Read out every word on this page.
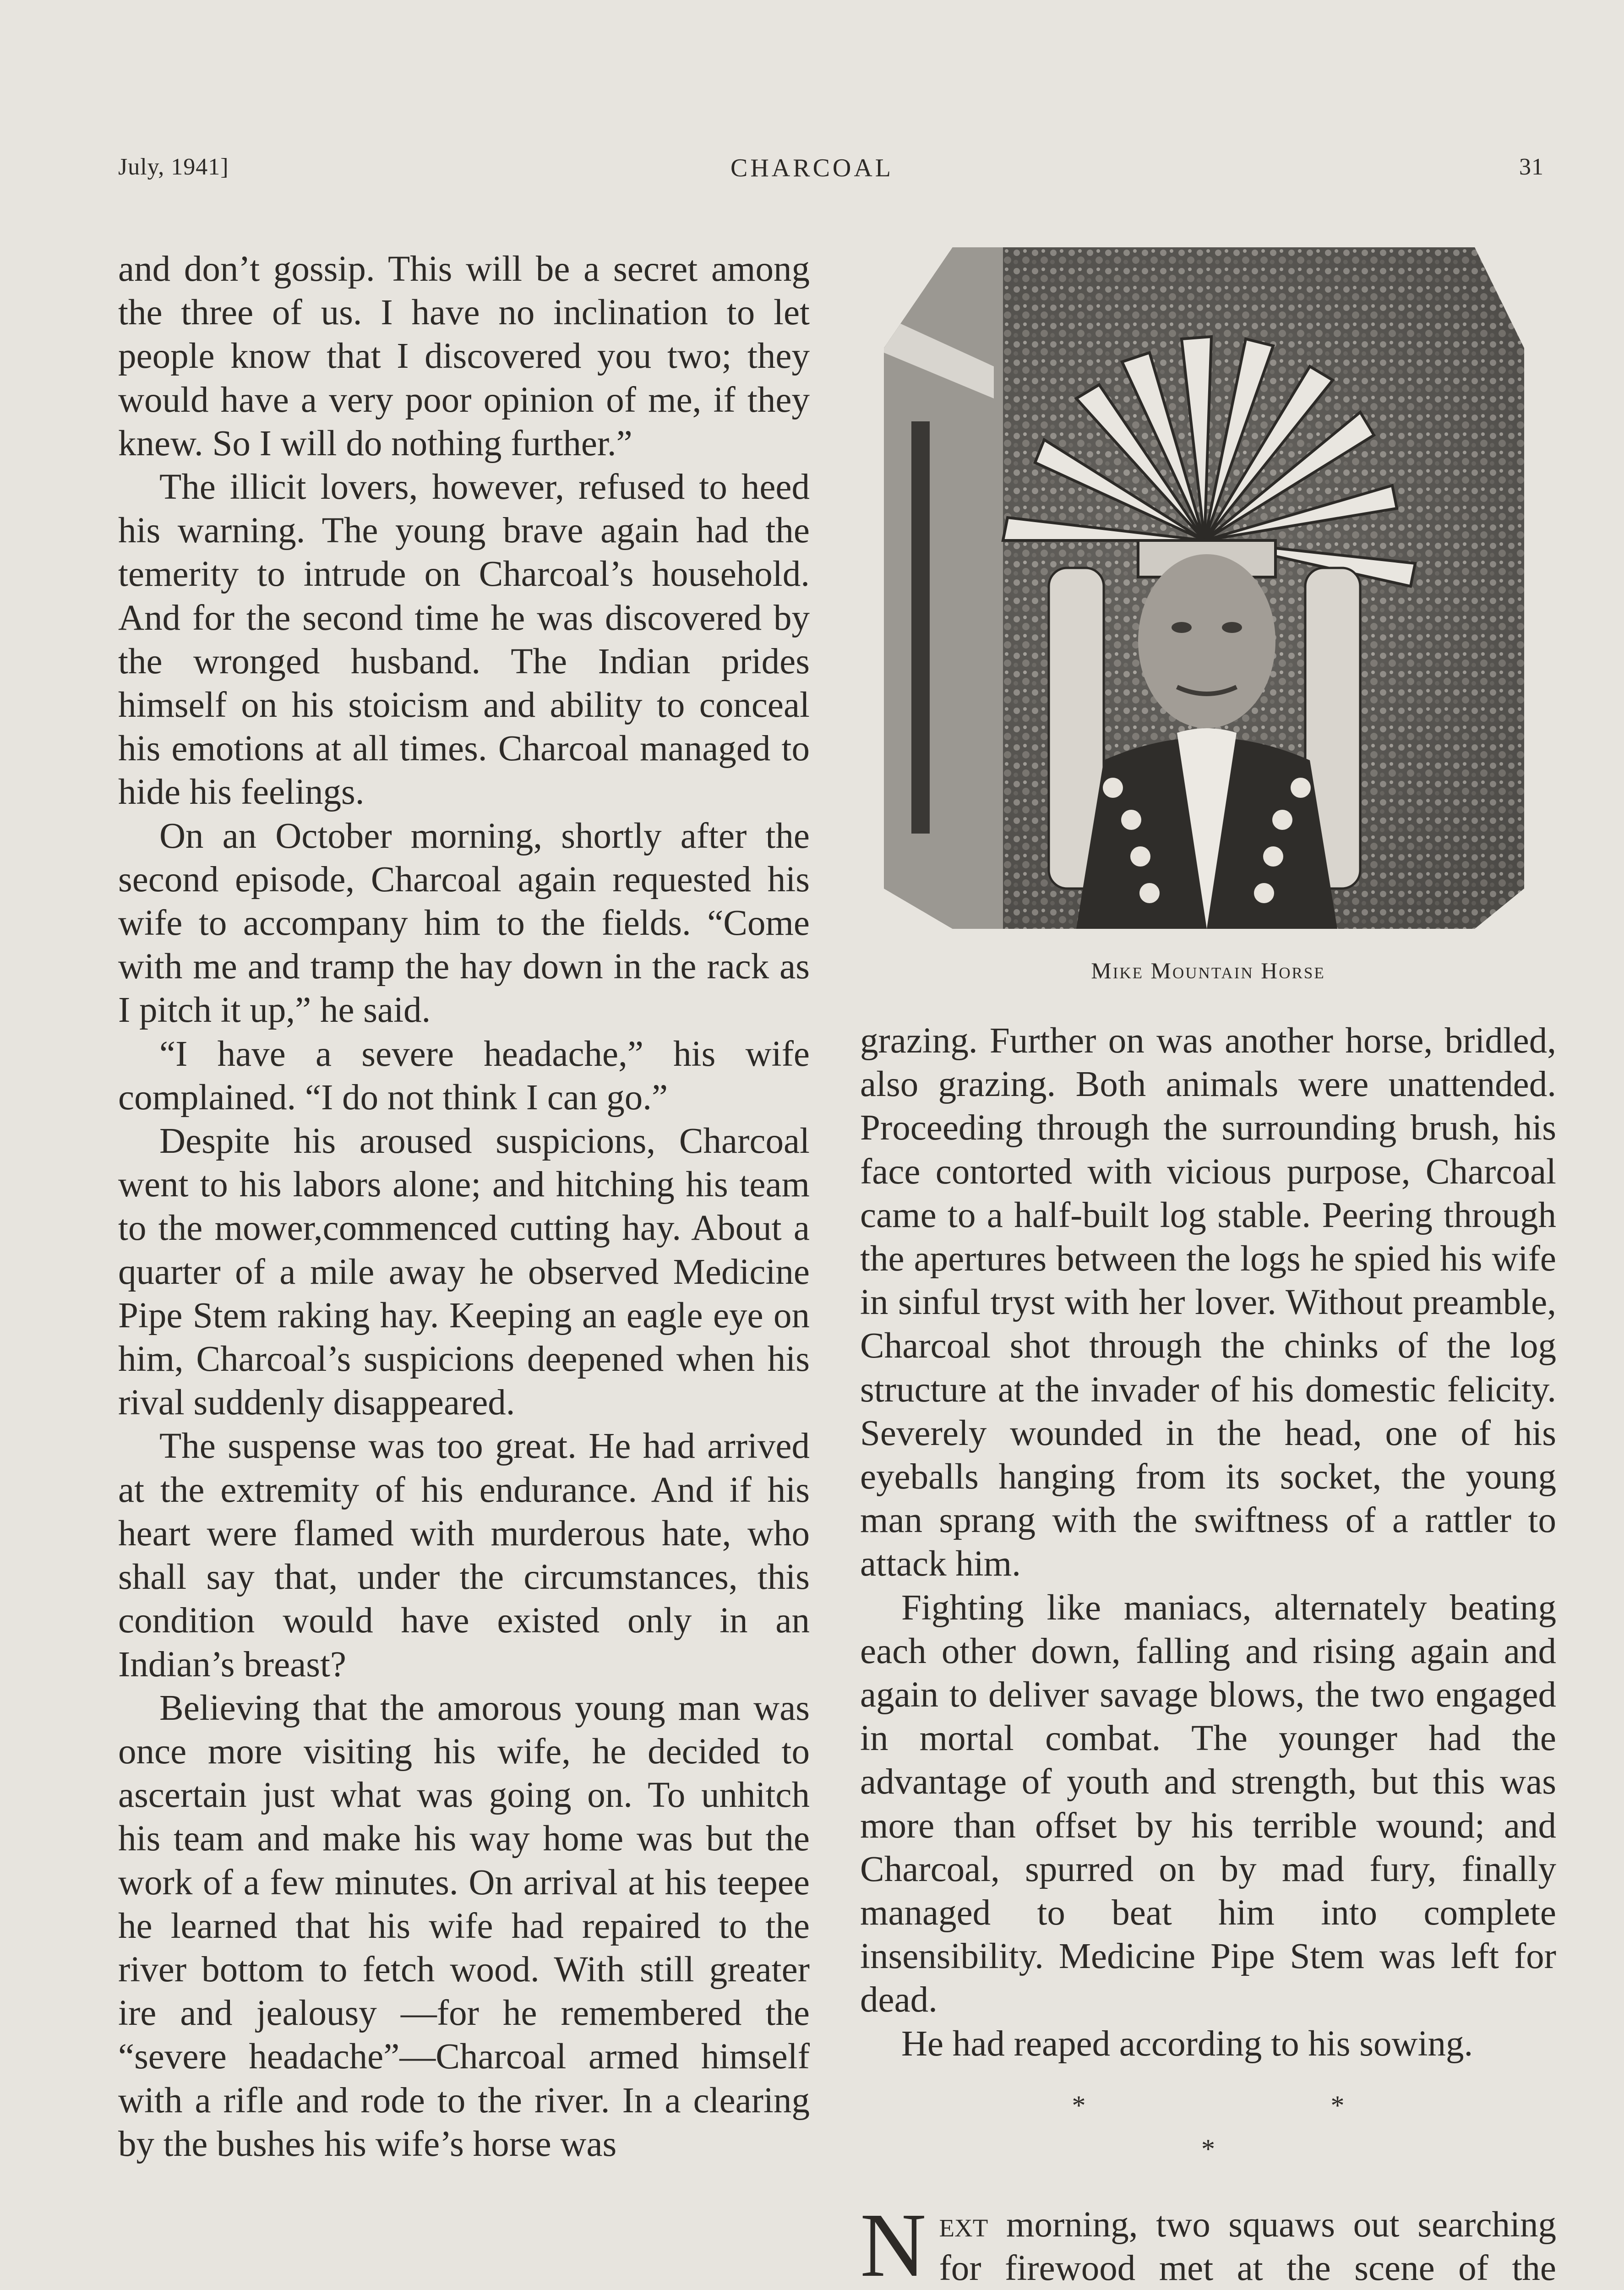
July, 1941]	CHARCOAL	31

and don’t gossip. This will be a secret among the three of us. I have no inclination to let people know that I discovered you two; they would have a very poor opinion of me, if they knew. So I will do nothing further.”

The illicit lovers, however, refused to heed his warning. The young brave again had the temerity to intrude on Charcoal’s household. And for the second time he was discovered by the wronged husband. The Indian prides himself on his stoicism and ability to conceal his emotions at all times. Charcoal managed to hide his feelings.

On an October morning, shortly after the second episode, Charcoal again requested his wife to accompany him to the fields. “Come with me and tramp the hay down in the rack as I pitch it up,” he said.

“I have a severe headache,” his wife complained. “I do not think I can go.”

Despite his aroused suspicions, Charcoal went to his labors alone; and hitching his team to the mower,commenced cutting hay. About a quarter of a mile away he observed Medicine Pipe Stem raking hay. Keeping an eagle eye on him, Charcoal’s suspicions deepened when his rival suddenly disappeared.

The suspense was too great. He had arrived at the extremity of his endurance. And if his heart were flamed with murderous hate, who shall say that, under the circumstances, this condition would have existed only in an Indian’s breast?

Believing that the amorous young man was once more visiting his wife, he decided to ascertain just what was going on. To unhitch his team and make his way home was but the work of a few minutes. On arrival at his teepee he learned that his wife had repaired to the river bottom to fetch wood. With still greater ire and jealousy —for he remembered the “severe headache”—Charcoal armed himself with a rifle and rode to the river. In a clearing by the bushes his wife’s horse was

Mike Mountain Horse

grazing. Further on was another horse, bridled, also grazing. Both animals were unattended. Proceeding through the surrounding brush, his face contorted with vicious purpose, Charcoal came to a half-built log stable. Peering through the apertures between the logs he spied his wife in sinful tryst with her lover. Without preamble, Charcoal shot through the chinks of the log structure at the invader of his domestic felicity. Severely wounded in the head, one of his eyeballs hanging from its socket, the young man sprang with the swiftness of a rattler to attack him.

Fighting like maniacs, alternately beating each other down, falling and rising again and again to deliver savage blows, the two engaged in mortal combat. The younger had the advantage of youth and strength, but this was more than offset by his terrible wound; and Charcoal, spurred on by mad fury, finally managed to beat him into complete insensibility. Medicine Pipe Stem was left for dead.

He had reaped according to his sowing.

* * *

Next morning, two squaws out searching for firewood met at the scene of the
